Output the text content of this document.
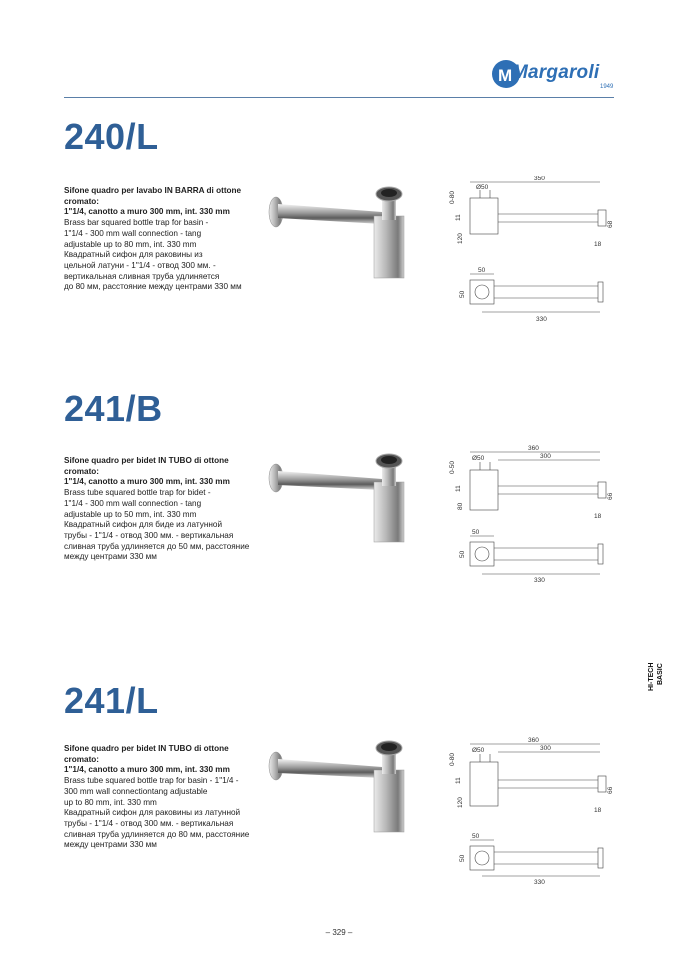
M Margaroli
1949
240/L
Sifone quadro per lavabo IN BARRA di ottone cromato:
1"1/4, canotto a muro 300 mm, int. 330 mm
Brass bar squared bottle trap for basin -
1"1/4 - 300 mm wall connection - tang
adjustable up to 80 mm, int. 330 mm
Квадратный сифон для раковины из
цельной латуни - 1"1/4 - отвод 300 мм. -
вертикальная сливная труба удлиняется
до 80 мм, расстояние между центрами 330 мм
350
Ø50
0-80
11
120
68
18
50
50
330
241/B
Sifone quadro per bidet IN TUBO di ottone cromato:
1"1/4, canotto a muro 300 mm, int. 330 mm
Brass tube squared bottle trap for bidet -
1"1/4 - 300 mm wall connection - tang
adjustable up to 50 mm, int. 330 mm
Квадратный сифон для биде из латунной
трубы - 1"1/4 - отвод 300 мм. - вертикальная
сливная труба удлиняется до 50 мм, расстояние
между центрами 330 мм
360
300
Ø50
0-50
11
80
66
18
50
50
330
241/L
Sifone quadro per bidet IN TUBO di ottone cromato:
1"1/4, canotto a muro 300 mm, int. 330 mm
Brass tube squared bottle trap for basin - 1"1/4 -
300 mm wall connectiontang adjustable
up to 80 mm, int. 330 mm
Квадратный сифон для раковины из латунной
трубы - 1"1/4 - отвод 300 мм. - вертикальная
сливная труба удлиняется до 80 мм, расстояние
между центрами 330 мм
360
300
Ø50
0-80
11
120
66
18
50
50
330
HI-TECH BASIC
– 329 –
